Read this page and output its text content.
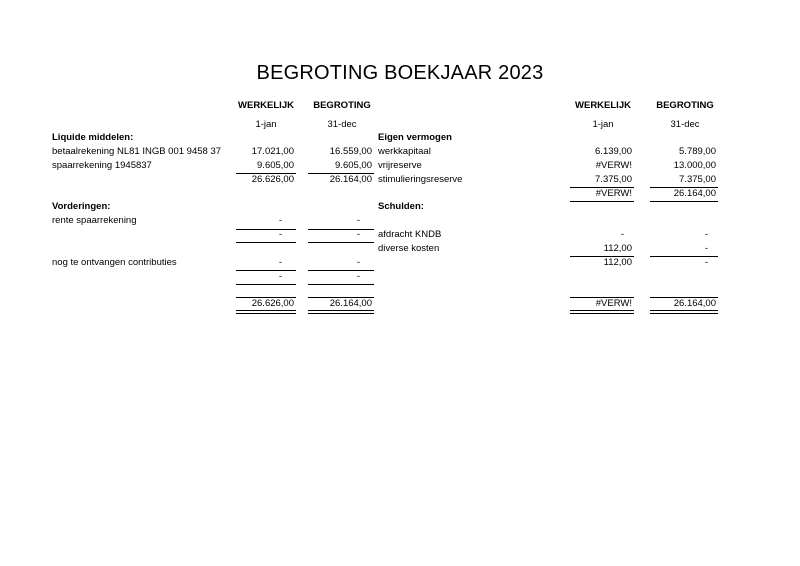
BEGROTING BOEKJAAR 2023
WERKELIJK	BEGROTING
1-jan	31-dec
WERKELIJK	BEGROTING
1-jan	31-dec
Liquide middelen:
betaalrekening NL81 INGB 001 9458 37	17.021,00	16.559,00
spaarrekening 1945837	9.605,00	9.605,00
26.626,00	26.164,00
Vorderingen:
rente spaarrekening	-	-
-	-
nog te ontvangen contributies	-	-
-	-
26.626,00	26.164,00
Eigen vermogen
werkkapitaal	6.139,00	5.789,00
vrijreserve	#VERW!	13.000,00
stimulieringsreserve	7.375,00	7.375,00
#VERW!	26.164,00
Schulden:
afdracht KNDB	-	-
diverse kosten	112,00	-
112,00	-
#VERW!	26.164,00
